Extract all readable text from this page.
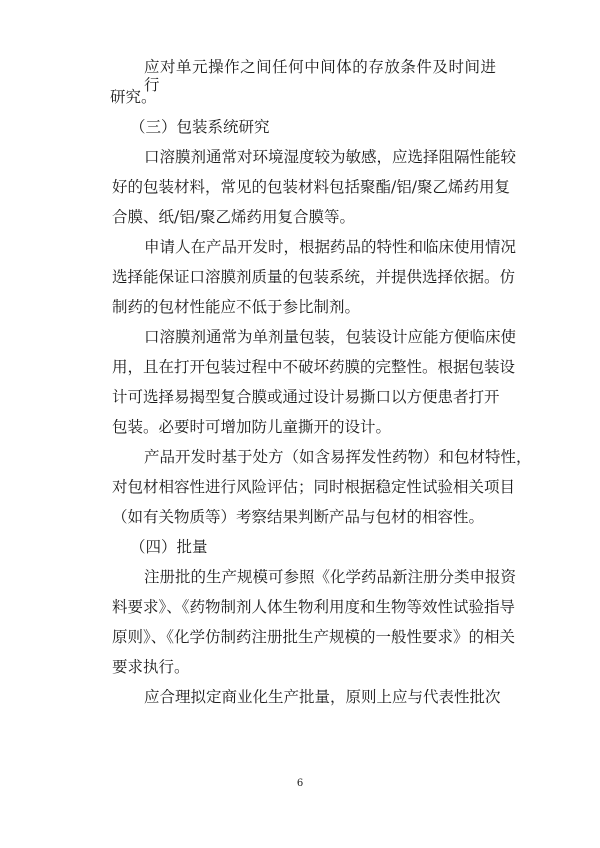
应对单元操作之间任何中间体的存放条件及时间进行
研究。
（三）包装系统研究
口溶膜剂通常对环境湿度较为敏感，应选择阻隔性能较
好的包装材料，常见的包装材料包括聚酯/铝/聚乙烯药用复
合膜、纸/铝/聚乙烯药用复合膜等。
申请人在产品开发时，根据药品的特性和临床使用情况
选择能保证口溶膜剂质量的包装系统，并提供选择依据。仿
制药的包材性能应不低于参比制剂。
口溶膜剂通常为单剂量包装，包装设计应能方便临床使
用，且在打开包装过程中不破坏药膜的完整性。根据包装设
计可选择易揭型复合膜或通过设计易撕口以方便患者打开
包装。必要时可增加防儿童撕开的设计。
产品开发时基于处方（如含易挥发性药物）和包材特性，
对包材相容性进行风险评估；同时根据稳定性试验相关项目
（如有关物质等）考察结果判断产品与包材的相容性。
（四）批量
注册批的生产规模可参照《化学药品新注册分类申报资
料要求》、《药物制剂人体生物利用度和生物等效性试验指导
原则》、《化学仿制药注册批生产规模的一般性要求》的相关
要求执行。
应合理拟定商业化生产批量，原则上应与代表性批次
6
